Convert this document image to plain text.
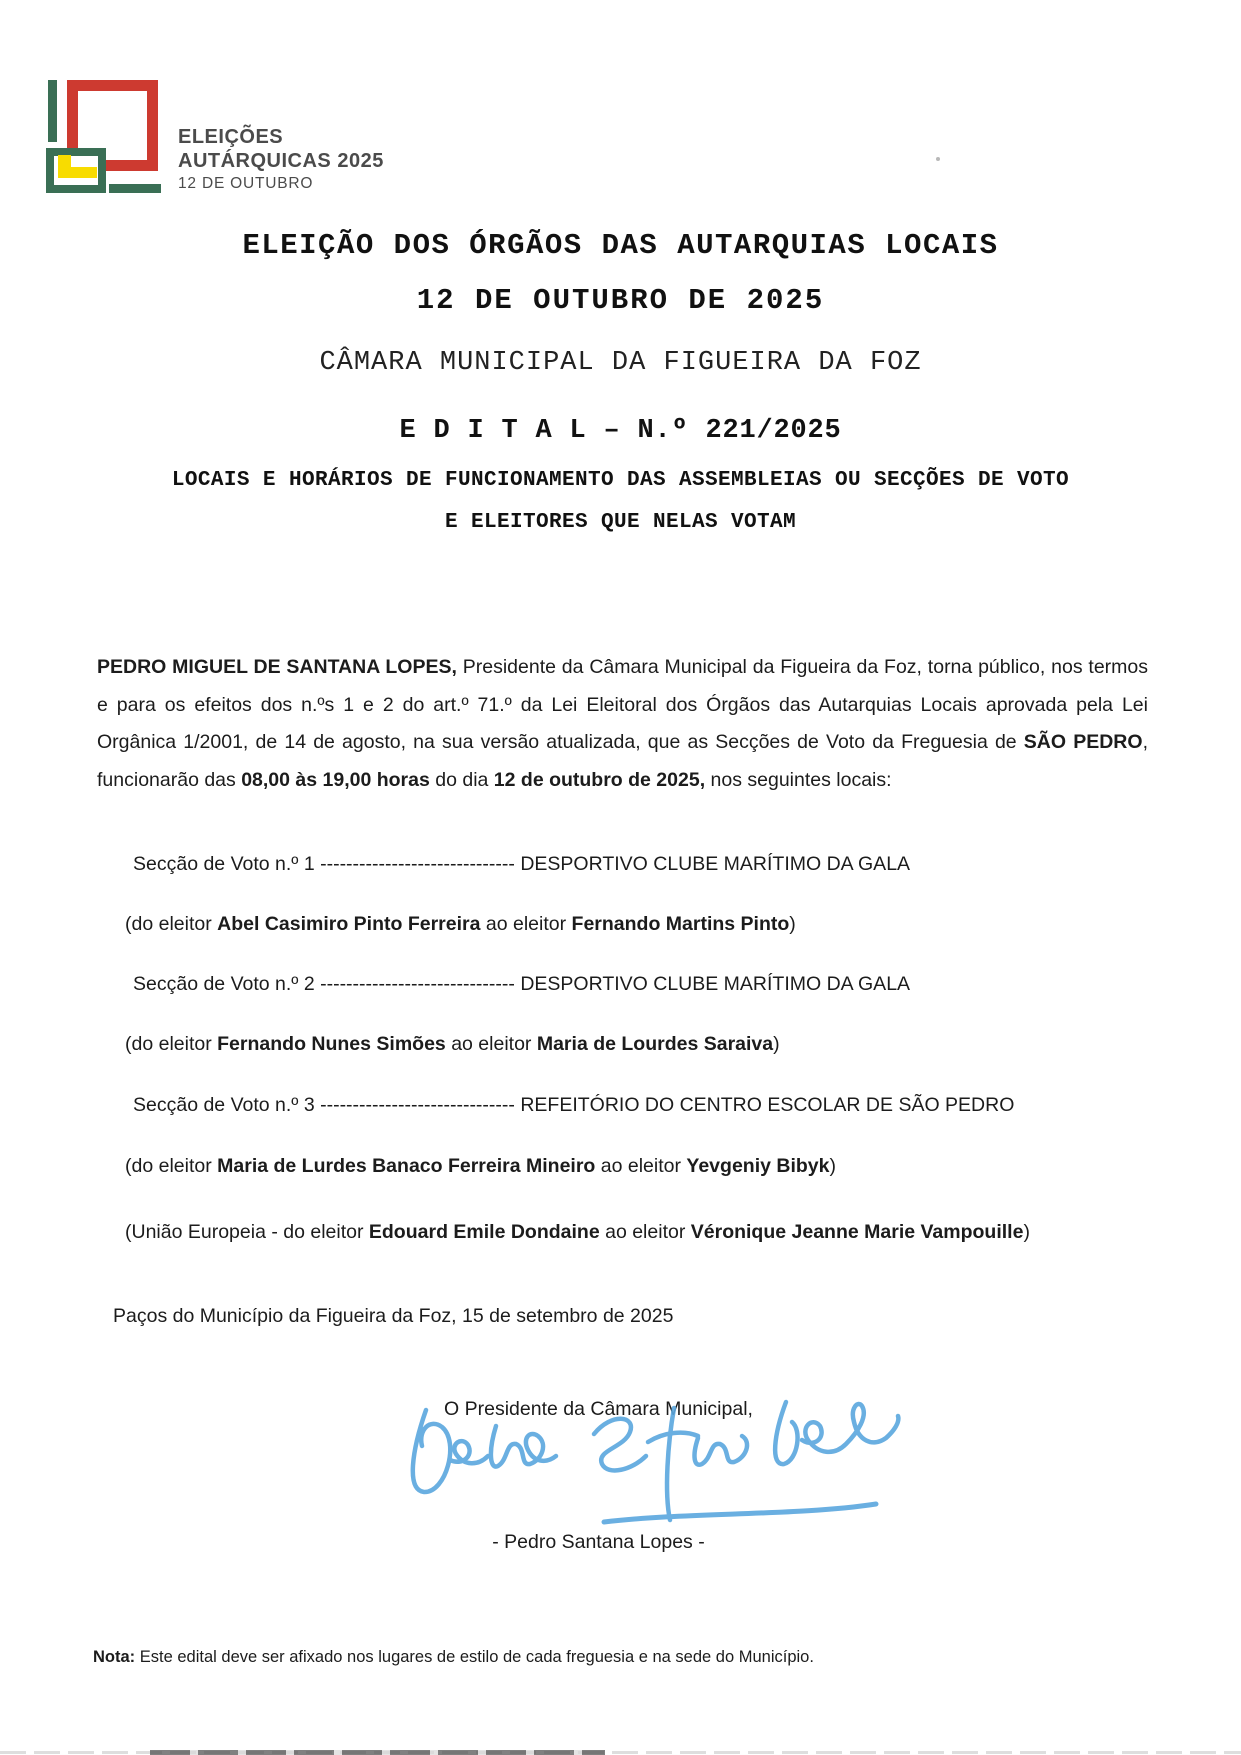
ELEIÇÕES
AUTÁRQUICAS 2025
12 DE OUTUBRO
ELEIÇÃO DOS ÓRGÃOS DAS AUTARQUIAS LOCAIS
12 DE OUTUBRO DE 2025
CÂMARA MUNICIPAL DA FIGUEIRA DA FOZ
E D I T A L – N.º 221/2025
LOCAIS E HORÁRIOS DE FUNCIONAMENTO DAS ASSEMBLEIAS OU SECÇÕES DE VOTO
E ELEITORES QUE NELAS VOTAM
PEDRO MIGUEL DE SANTANA LOPES, Presidente da Câmara Municipal da Figueira da Foz, torna público, nos termos e para os efeitos dos n.ºs 1 e 2 do art.º 71.º da Lei Eleitoral dos Órgãos das Autarquias Locais aprovada pela Lei Orgânica 1/2001, de 14 de agosto, na sua versão atualizada, que as Secções de Voto da Freguesia de SÃO PEDRO, funcionarão das 08,00 às 19,00 horas do dia 12 de outubro de 2025, nos seguintes locais:
Secção de Voto n.º 1 ------------------------------ DESPORTIVO CLUBE MARÍTIMO DA GALA
(do eleitor Abel Casimiro Pinto Ferreira ao eleitor Fernando Martins Pinto)
Secção de Voto n.º 2 ------------------------------ DESPORTIVO CLUBE MARÍTIMO DA GALA
(do eleitor Fernando Nunes Simões ao eleitor Maria de Lourdes Saraiva)
Secção de Voto n.º 3 ------------------------------ REFEITÓRIO DO CENTRO ESCOLAR DE SÃO PEDRO
(do eleitor Maria de Lurdes Banaco Ferreira Mineiro ao eleitor Yevgeniy Bibyk)
(União Europeia - do eleitor Edouard Emile Dondaine ao eleitor Véronique Jeanne Marie Vampouille)
Paços do Município da Figueira da Foz, 15 de setembro de 2025
O Presidente da Câmara Municipal,
- Pedro Santana Lopes -
Nota: Este edital deve ser afixado nos lugares de estilo de cada freguesia e na sede do Município.
